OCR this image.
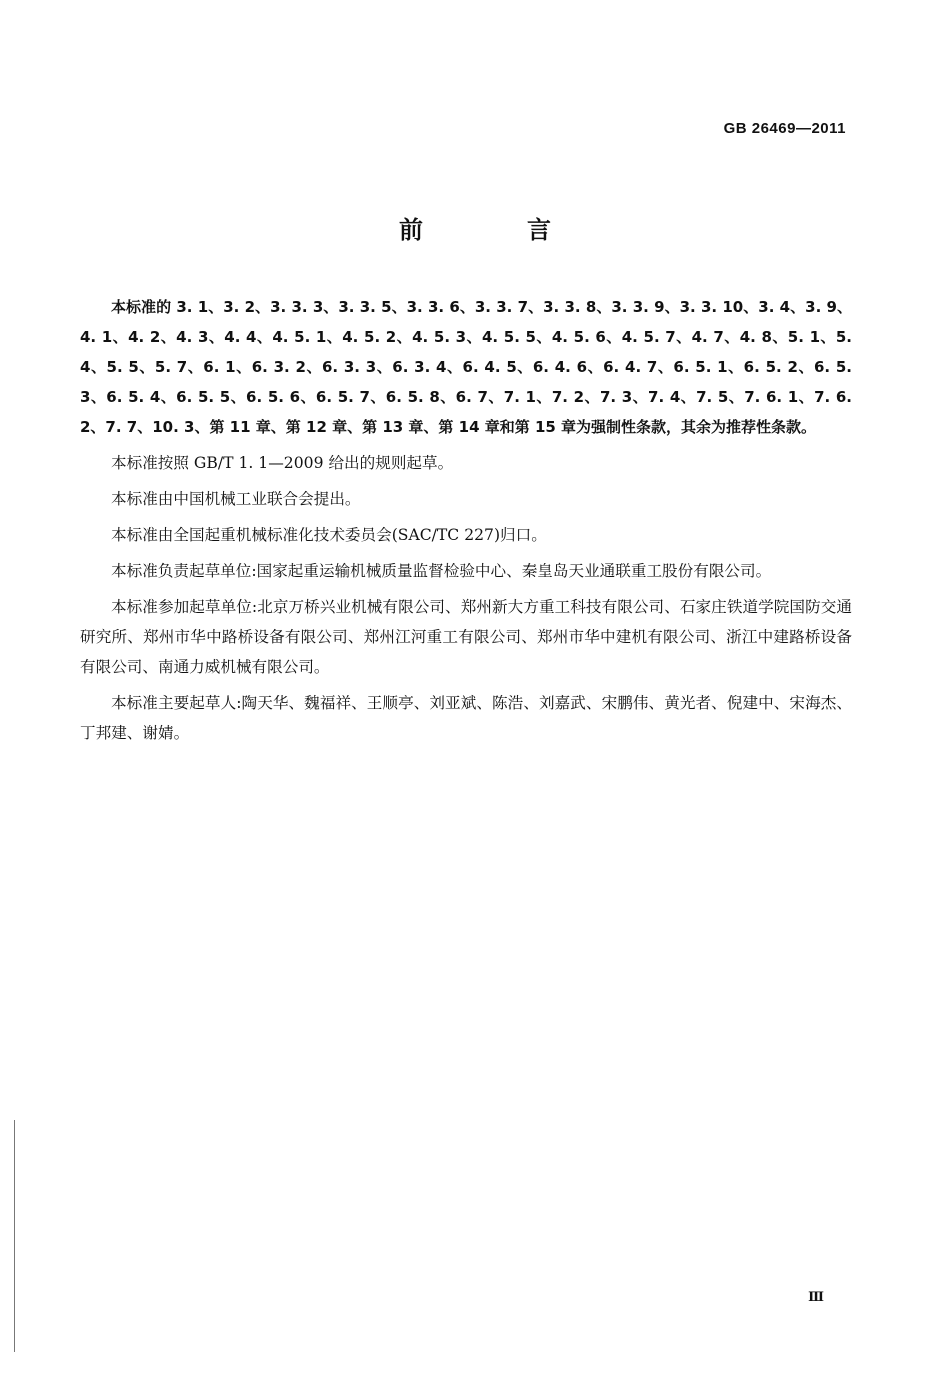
GB 26469—2011
前　言

本标准的 3. 1、3. 2、3. 3. 3、3. 3. 5、3. 3. 6、3. 3. 7、3. 3. 8、3. 3. 9、3. 3. 10、3. 4、3. 9、4. 1、4. 2、4. 3、4. 4、4. 5. 1、4. 5. 2、4. 5. 3、4. 5. 5、4. 5. 6、4. 5. 7、4. 7、4. 8、5. 1、5. 4、5. 5、5. 7、6. 1、6. 3. 2、6. 3. 3、6. 3. 4、6. 4. 5、6. 4. 6、6. 4. 7、6. 5. 1、6. 5. 2、6. 5. 3、6. 5. 4、6. 5. 5、6. 5. 6、6. 5. 7、6. 5. 8、6. 7、7. 1、7. 2、7. 3、7. 4、7. 5、7. 6. 1、7. 6. 2、7. 7、10. 3、第 11 章、第 12 章、第 13 章、第 14 章和第 15 章为强制性条款，其余为推荐性条款。

本标准按照 GB/T 1. 1—2009 给出的规则起草。

本标准由中国机械工业联合会提出。

本标准由全国起重机械标准化技术委员会(SAC/TC 227)归口。

本标准负责起草单位:国家起重运输机械质量监督检验中心、秦皇岛天业通联重工股份有限公司。

本标准参加起草单位:北京万桥兴业机械有限公司、郑州新大方重工科技有限公司、石家庄铁道学院国防交通研究所、郑州市华中路桥设备有限公司、郑州江河重工有限公司、郑州市华中建机有限公司、浙江中建路桥设备有限公司、南通力威机械有限公司。

本标准主要起草人:陶天华、魏福祥、王顺亭、刘亚斌、陈浩、刘嘉武、宋鹏伟、黄光者、倪建中、宋海杰、丁邦建、谢婧。

Ⅲ
